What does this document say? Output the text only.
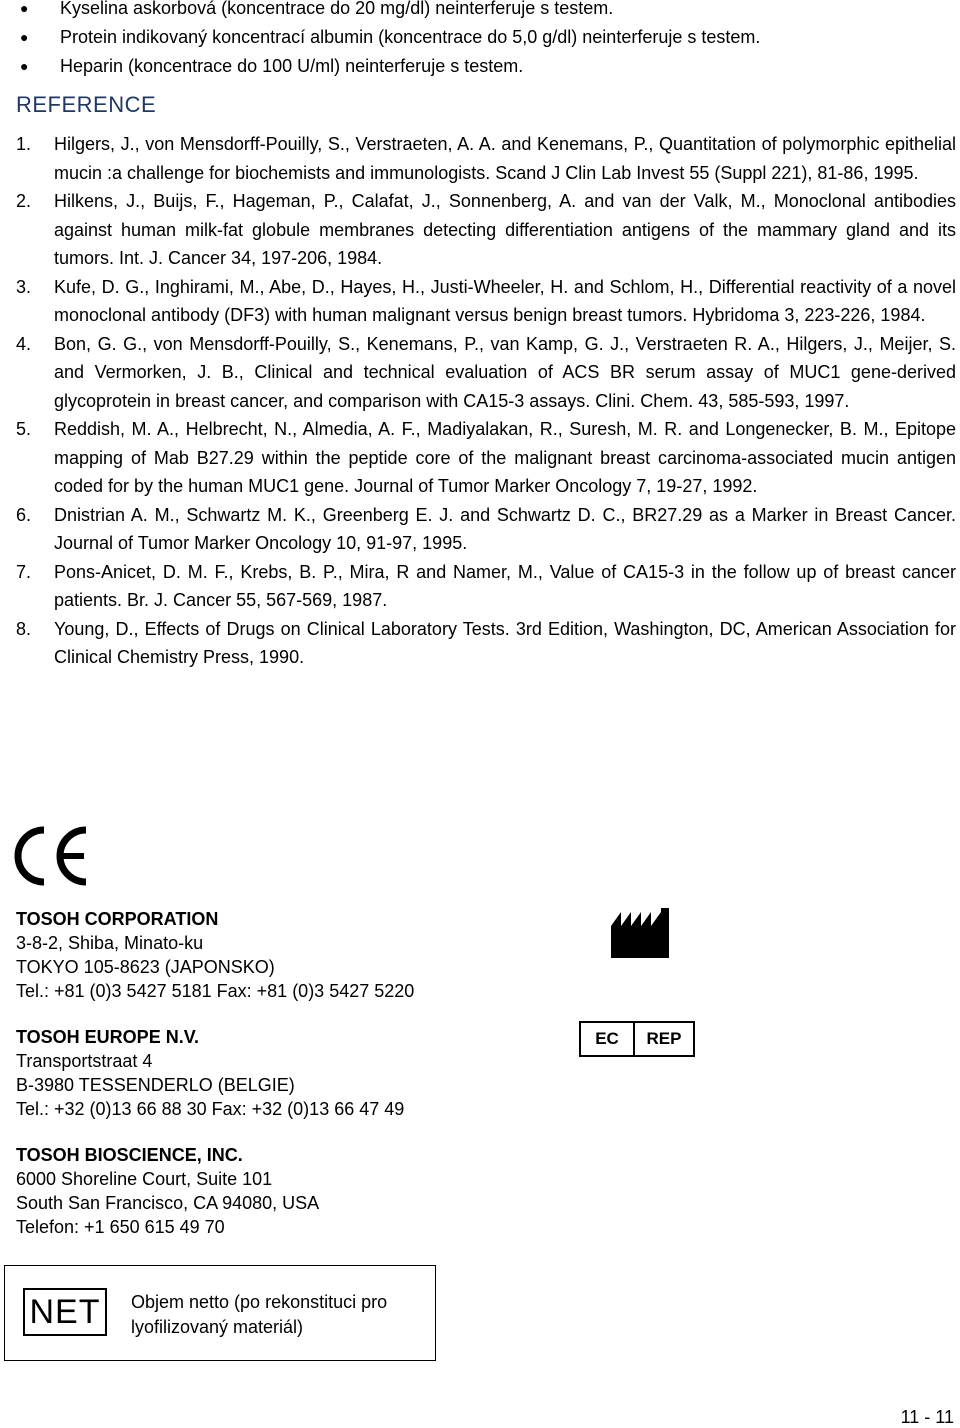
● Kyselina askorbová (koncentrace do 20 mg/dl) neinterferuje s testem.
● Protein indikovaný koncentrací albumin (koncentrace do 5,0 g/dl) neinterferuje s testem.
● Heparin (koncentrace do 100 U/ml) neinterferuje s testem.
REFERENCE
1. Hilgers, J., von Mensdorff-Pouilly, S., Verstraeten, A. A. and Kenemans, P., Quantitation of polymorphic epithelial mucin :a challenge for biochemists and immunologists. Scand J Clin Lab Invest 55 (Suppl 221), 81-86, 1995.
2. Hilkens, J., Buijs, F., Hageman, P., Calafat, J., Sonnenberg, A. and van der Valk, M., Monoclonal antibodies against human milk-fat globule membranes detecting differentiation antigens of the mammary gland and its tumors. Int. J. Cancer 34, 197-206, 1984.
3. Kufe, D. G., Inghirami, M., Abe, D., Hayes, H., Justi-Wheeler, H. and Schlom, H., Differential reactivity of a novel monoclonal antibody (DF3) with human malignant versus benign breast tumors. Hybridoma 3, 223-226, 1984.
4. Bon, G. G., von Mensdorff-Pouilly, S., Kenemans, P., van Kamp, G. J., Verstraeten R. A., Hilgers, J., Meijer, S. and Vermorken, J. B., Clinical and technical evaluation of ACS BR serum assay of MUC1 gene-derived glycoprotein in breast cancer, and comparison with CA15-3 assays. Clini. Chem. 43, 585-593, 1997.
5. Reddish, M. A., Helbrecht, N., Almedia, A. F., Madiyalakan, R., Suresh, M. R. and Longenecker, B. M., Epitope mapping of Mab B27.29 within the peptide core of the malignant breast carcinoma-associated mucin antigen coded for by the human MUC1 gene. Journal of Tumor Marker Oncology 7, 19-27, 1992.
6. Dnistrian A. M., Schwartz M. K., Greenberg E. J. and Schwartz D. C., BR27.29 as a Marker in Breast Cancer. Journal of Tumor Marker Oncology 10, 91-97, 1995.
7. Pons-Anicet, D. M. F., Krebs, B. P., Mira, R and Namer, M., Value of CA15-3 in the follow up of breast cancer patients. Br. J. Cancer 55, 567-569, 1987.
8. Young, D., Effects of Drugs on Clinical Laboratory Tests. 3rd Edition, Washington, DC, American Association for Clinical Chemistry Press, 1990.
TOSOH CORPORATION
3-8-2, Shiba, Minato-ku
TOKYO 105-8623 (JAPONSKO)
Tel.: +81 (0)3 5427 5181 Fax: +81 (0)3 5427 5220
TOSOH EUROPE N.V.
Transportstraat 4
B-3980 TESSENDERLO (BELGIE)
Tel.: +32 (0)13 66 88 30 Fax: +32 (0)13 66 47 49
TOSOH BIOSCIENCE, INC.
6000 Shoreline Court, Suite 101
South San Francisco, CA 94080, USA
Telefon: +1 650 615 49 70
EC	REP
NET	Objem netto (po rekonstituci pro lyofilizovaný materiál)
11 - 11
